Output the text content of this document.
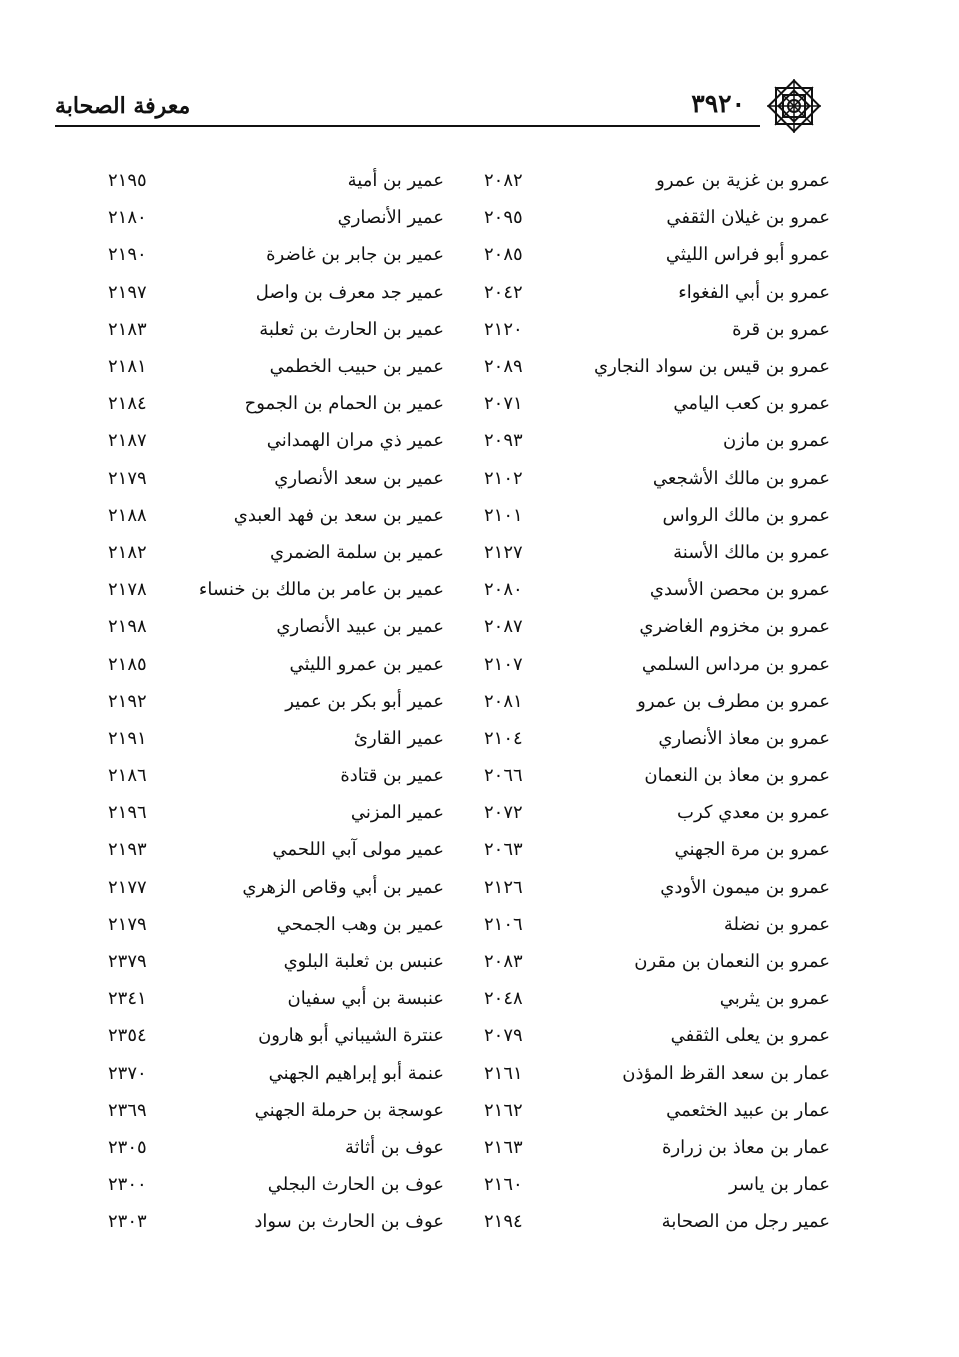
معرفة الصحابة	٣٩٢٠
عمير بن أمية
٢١٩٥
عمير الأنصاري
٢١٨٠
عمير بن جابر بن غاضرة
٢١٩٠
عمير جد معرف بن واصل
٢١٩٧
عمير بن الحارث بن ثعلبة
٢١٨٣
عمير بن حبيب الخطمي
٢١٨١
عمير بن الحمام بن الجموح
٢١٨٤
عمير ذي مران الهمداني
٢١٨٧
عمير بن سعد الأنصاري
٢١٧٩
عمير بن سعد بن فهد العبدي
٢١٨٨
عمير بن سلمة الضمري
٢١٨٢
عمير بن عامر بن مالك بن خنساء
٢١٧٨
عمير بن عبيد الأنصاري
٢١٩٨
عمير بن عمرو الليثي
٢١٨٥
عمير أبو بكر بن عمير
٢١٩٢
عمير القارئ
٢١٩١
عمير بن قتادة
٢١٨٦
عمير المزني
٢١٩٦
عمير مولى آبي اللحمي
٢١٩٣
عمير بن أبي وقاص الزهري
٢١٧٧
عمير بن وهب الجمحي
٢١٧٩
عنبس بن ثعلبة البلوي
٢٣٧٩
عنبسة بن أبي سفيان
٢٣٤١
عنترة الشيباني أبو هارون
٢٣٥٤
عنمة أبو إبراهيم الجهني
٢٣٧٠
عوسجة بن حرملة الجهني
٢٣٦٩
عوف بن أثاثة
٢٣٠٥
عوف بن الحارث البجلي
٢٣٠٠
عوف بن الحارث بن سواد
٢٣٠٣
عمرو بن غزية بن عمرو
٢٠٨٢
عمرو بن غيلان الثقفي
٢٠٩٥
عمرو أبو فراس الليثي
٢٠٨٥
عمرو بن أبي الفغواء
٢٠٤٢
عمرو بن قرة
٢١٢٠
عمرو بن قيس بن سواد النجاري
٢٠٨٩
عمرو بن كعب اليامي
٢٠٧١
عمرو بن مازن
٢٠٩٣
عمرو بن مالك الأشجعي
٢١٠٢
عمرو بن مالك الرواس
٢١٠١
عمرو بن مالك الأسنة
٢١٢٧
عمرو بن محصن الأسدي
٢٠٨٠
عمرو بن مخزوم الغاضري
٢٠٨٧
عمرو بن مرداس السلمي
٢١٠٧
عمرو بن مطرف بن عمرو
٢٠٨١
عمرو بن معاذ الأنصاري
٢١٠٤
عمرو بن معاذ بن النعمان
٢٠٦٦
عمرو بن معدي كرب
٢٠٧٢
عمرو بن مرة الجهني
٢٠٦٣
عمرو بن ميمون الأودي
٢١٢٦
عمرو بن نضلة
٢١٠٦
عمرو بن النعمان بن مقرن
٢٠٨٣
عمرو بن يثربي
٢٠٤٨
عمرو بن يعلى الثقفي
٢٠٧٩
عمار بن سعد القرظ المؤذن
٢١٦١
عمار بن عبيد الخثعمي
٢١٦٢
عمار بن معاذ بن زرارة
٢١٦٣
عمار بن ياسر
٢١٦٠
عمير رجل من الصحابة
٢١٩٤
